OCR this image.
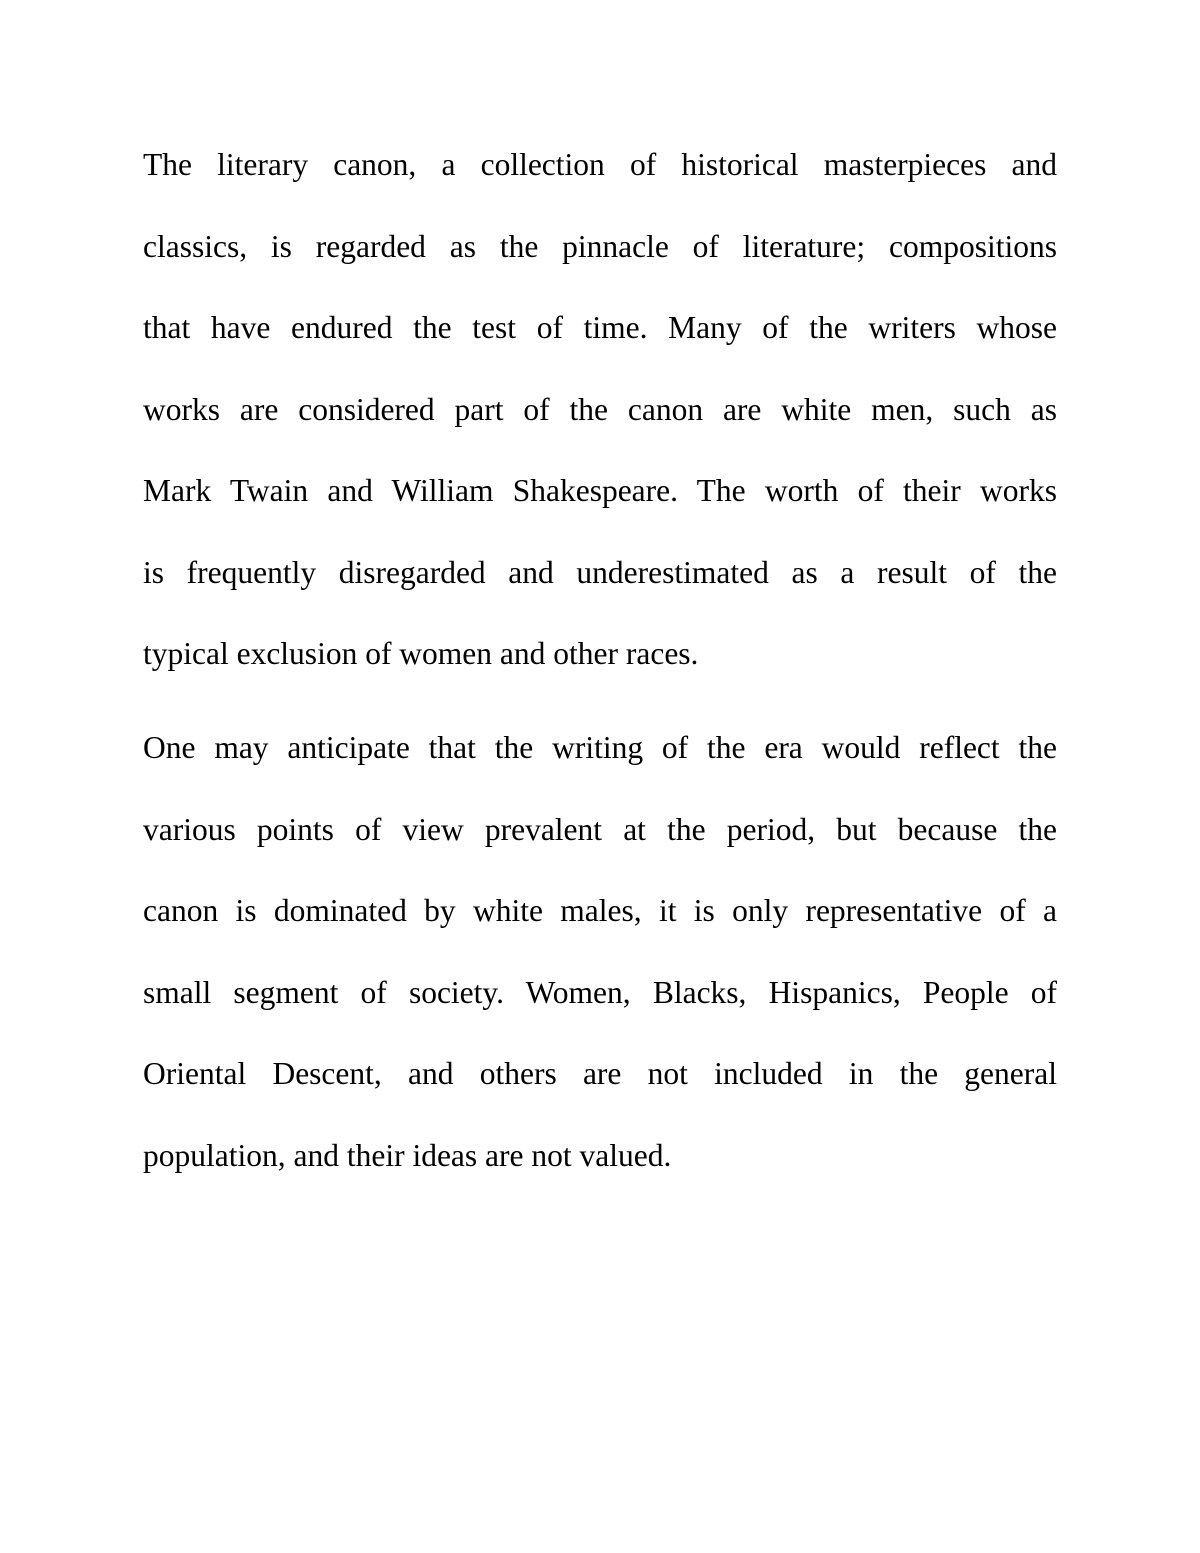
The literary canon, a collection of historical masterpieces and
classics, is regarded as the pinnacle of literature; compositions
that have endured the test of time. Many of the writers whose
works are considered part of the canon are white men, such as
Mark Twain and William Shakespeare. The worth of their works
is frequently disregarded and underestimated as a result of the
typical exclusion of women and other races.
One may anticipate that the writing of the era would reflect the
various points of view prevalent at the period, but because the
canon is dominated by white males, it is only representative of a
small segment of society. Women, Blacks, Hispanics, People of
Oriental Descent, and others are not included in the general
population, and their ideas are not valued.
